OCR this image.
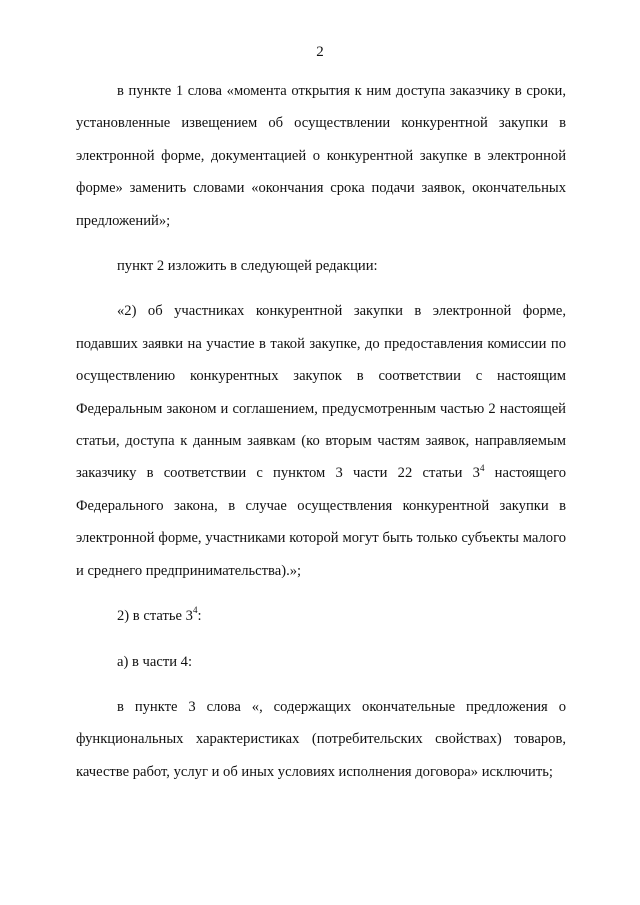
2

в пункте 1 слова «момента открытия к ним доступа заказчику в сроки, установленные извещением об осуществлении конкурентной закупки в электронной форме, документацией о конкурентной закупке в электронной форме» заменить словами «окончания срока подачи заявок, окончательных предложений»;

пункт 2 изложить в следующей редакции:

«2) об участниках конкурентной закупки в электронной форме, подавших заявки на участие в такой закупке, до предоставления комиссии по осуществлению конкурентных закупок в соответствии с настоящим Федеральным законом и соглашением, предусмотренным частью 2 настоящей статьи, доступа к данным заявкам (ко вторым частям заявок, направляемым заказчику в соответствии с пунктом 3 части 22 статьи $3^4$ настоящего Федерального закона, в случае осуществления конкурентной закупки в электронной форме, участниками которой могут быть только субъекты малого и среднего предпринимательства).»;

2) в статье $3^4$:

а) в части 4:

в пункте 3 слова «, содержащих окончательные предложения о функциональных характеристиках (потребительских свойствах) товаров, качестве работ, услуг и об иных условиях исполнения договора» исключить;
